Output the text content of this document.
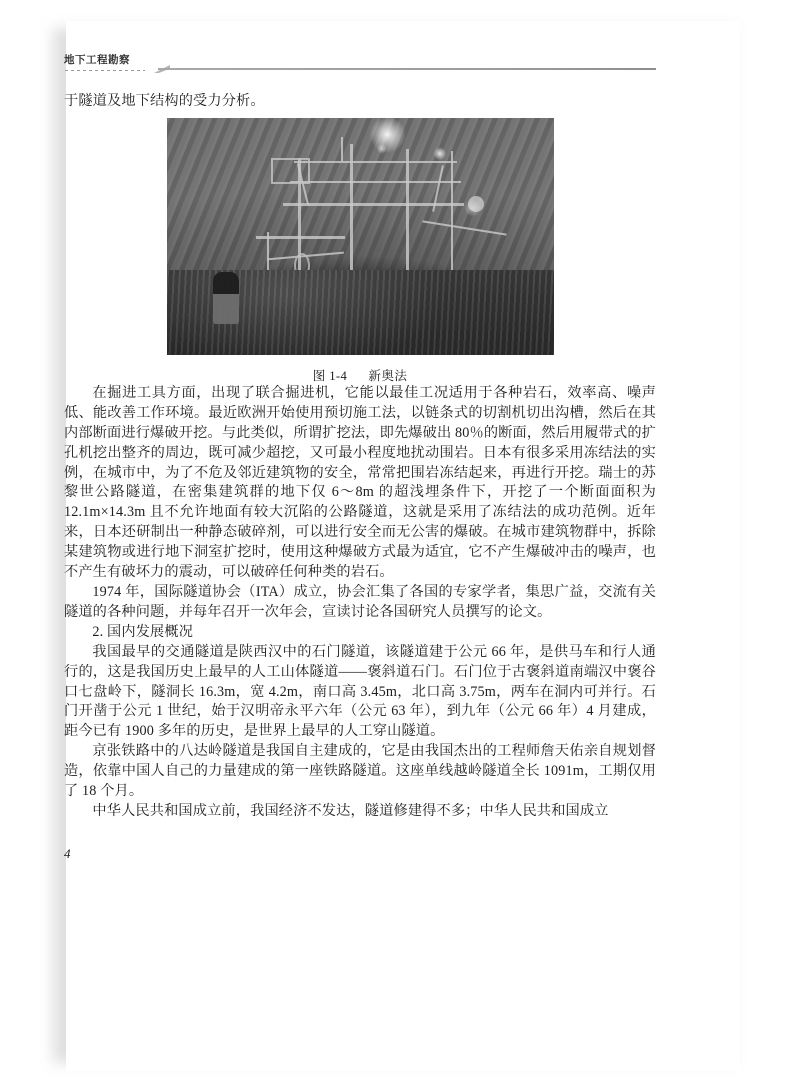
地下工程勘察

于隧道及地下结构的受力分析。

图 1-4 新奥法

在掘进工具方面，出现了联合掘进机，它能以最佳工况适用于各种岩石，效率高、噪声低、能改善工作环境。最近欧洲开始使用预切施工法，以链条式的切割机切出沟槽，然后在其内部断面进行爆破开挖。与此类似，所谓扩挖法，即先爆破出 80％的断面，然后用履带式的扩孔机挖出整齐的周边，既可减少超挖，又可最小程度地扰动围岩。日本有很多采用冻结法的实例，在城市中，为了不危及邻近建筑物的安全，常常把围岩冻结起来，再进行开挖。瑞士的苏黎世公路隧道，在密集建筑群的地下仅 6～8m 的超浅埋条件下，开挖了一个断面面积为 12.1m×14.3m 且不允许地面有较大沉陷的公路隧道，这就是采用了冻结法的成功范例。近年来，日本还研制出一种静态破碎剂，可以进行安全而无公害的爆破。在城市建筑物群中，拆除某建筑物或进行地下洞室扩挖时，使用这种爆破方式最为适宜，它不产生爆破冲击的噪声，也不产生有破坏力的震动，可以破碎任何种类的岩石。

1974 年，国际隧道协会（ITA）成立，协会汇集了各国的专家学者，集思广益，交流有关隧道的各种问题，并每年召开一次年会，宣读讨论各国研究人员撰写的论文。

2. 国内发展概况

我国最早的交通隧道是陕西汉中的石门隧道，该隧道建于公元 66 年，是供马车和行人通行的，这是我国历史上最早的人工山体隧道——褒斜道石门。石门位于古褒斜道南端汉中褒谷口七盘岭下，隧洞长 16.3m，宽 4.2m，南口高 3.45m，北口高 3.75m，两车在洞内可并行。石门开凿于公元 1 世纪，始于汉明帝永平六年（公元 63 年），到九年（公元 66 年）4 月建成，距今已有 1900 多年的历史，是世界上最早的人工穿山隧道。

京张铁路中的八达岭隧道是我国自主建成的，它是由我国杰出的工程师詹天佑亲自规划督造，依靠中国人自己的力量建成的第一座铁路隧道。这座单线越岭隧道全长 1091m，工期仅用了 18 个月。

中华人民共和国成立前，我国经济不发达，隧道修建得不多；中华人民共和国成立

4
